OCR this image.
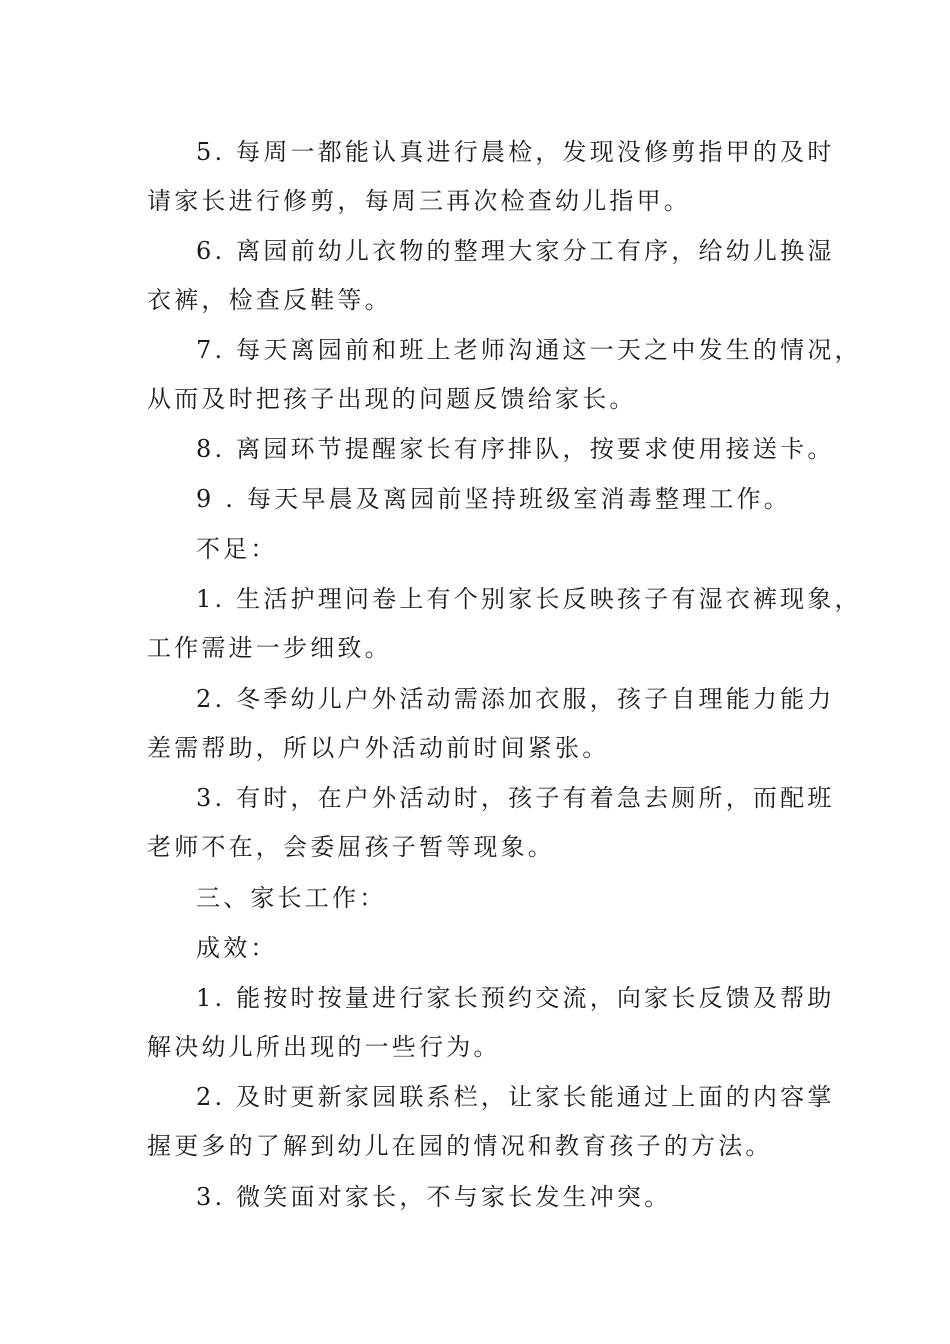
5. 每周一都能认真进行晨检，发现没修剪指甲的及时
请家长进行修剪，每周三再次检查幼儿指甲。
6. 离园前幼儿衣物的整理大家分工有序，给幼儿换湿
衣裤，检查反鞋等。
7. 每天离园前和班上老师沟通这一天之中发生的情况，
从而及时把孩子出现的问题反馈给家长。
8. 离园环节提醒家长有序排队，按要求使用接送卡。
9 . 每天早晨及离园前坚持班级室消毒整理工作。
不足：
1. 生活护理问卷上有个别家长反映孩子有湿衣裤现象，
工作需进一步细致。
2. 冬季幼儿户外活动需添加衣服，孩子自理能力能力
差需帮助，所以户外活动前时间紧张。
3. 有时，在户外活动时，孩子有着急去厕所，而配班
老师不在，会委屈孩子暂等现象。
三、家长工作：
成效：
1. 能按时按量进行家长预约交流，向家长反馈及帮助
解决幼儿所出现的一些行为。
2. 及时更新家园联系栏，让家长能通过上面的内容掌
握更多的了解到幼儿在园的情况和教育孩子的方法。
3. 微笑面对家长，不与家长发生冲突。
